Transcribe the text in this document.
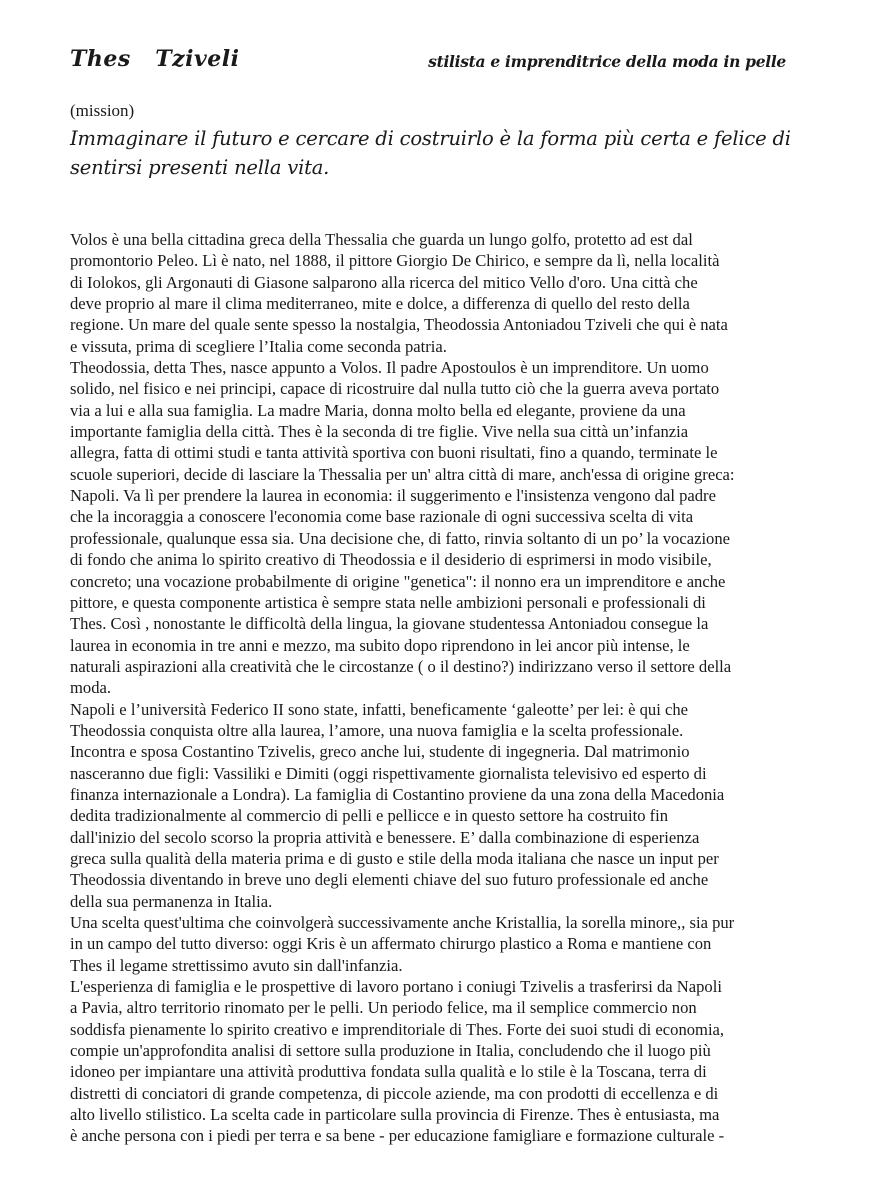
Thes   Tziveli	stilista e imprenditrice della moda in pelle
(mission)
Immaginare il futuro e cercare di costruirlo è la forma più certa e felice di
sentirsi presenti nella vita.
Volos è una bella cittadina greca della Thessalia che guarda un lungo golfo, protetto ad est dal
promontorio Peleo. Lì è nato, nel 1888, il pittore Giorgio De Chirico, e sempre da lì, nella località
di Iolokos, gli Argonauti di Giasone salparono alla ricerca del mitico Vello d'oro. Una città che
deve proprio al mare il clima mediterraneo, mite e dolce, a differenza di quello del resto della
regione. Un mare del quale sente spesso la nostalgia, Theodossia Antoniadou Tziveli che qui è nata
e vissuta, prima di scegliere l’Italia come seconda patria.
Theodossia, detta Thes, nasce appunto a Volos. Il padre Apostoulos è un imprenditore. Un uomo
solido, nel fisico e nei principi, capace di ricostruire dal nulla tutto ciò che la guerra aveva portato
via a lui e alla sua famiglia. La madre Maria, donna molto bella ed elegante, proviene da una
importante famiglia della città. Thes è la seconda di tre figlie. Vive nella sua città un’infanzia
allegra, fatta di ottimi studi e tanta attività sportiva con buoni risultati, fino a quando, terminate le
scuole superiori, decide di lasciare la Thessalia per un' altra città di mare, anch'essa di origine greca:
Napoli. Va lì per prendere la laurea in economia: il suggerimento e l'insistenza vengono dal padre
che la incoraggia a conoscere l'economia come base razionale di ogni successiva scelta di vita
professionale, qualunque essa sia. Una decisione che, di fatto, rinvia soltanto di un po’ la vocazione
di fondo che anima lo spirito creativo di Theodossia e il desiderio di esprimersi in modo visibile,
concreto; una vocazione probabilmente di origine "genetica": il nonno era un imprenditore e anche
pittore, e questa componente artistica è sempre stata nelle ambizioni personali e professionali di
Thes. Così , nonostante le difficoltà della lingua, la giovane studentessa Antoniadou consegue la
laurea in economia in tre anni e mezzo, ma subito dopo riprendono in lei ancor più intense, le
naturali aspirazioni alla creatività che le circostanze ( o il destino?) indirizzano verso il settore della
moda.
Napoli e l’università Federico II sono state, infatti, beneficamente ‘galeotte’ per lei: è qui che
Theodossia conquista oltre alla laurea, l’amore, una nuova famiglia e la scelta professionale.
Incontra e sposa Costantino Tzivelis, greco anche lui, studente di ingegneria. Dal matrimonio
nasceranno due figli: Vassiliki e Dimiti (oggi rispettivamente giornalista televisivo ed esperto di
finanza internazionale a Londra). La famiglia di Costantino proviene da una zona della Macedonia
dedita tradizionalmente al commercio di pelli e pellicce e in questo settore ha costruito fin
dall'inizio del secolo scorso la propria attività e benessere. E’ dalla combinazione di esperienza
greca sulla qualità della materia prima e di gusto e stile della moda italiana che nasce un input per
Theodossia diventando in breve uno degli elementi chiave del suo futuro professionale ed anche
della sua permanenza in Italia.
Una scelta quest'ultima che coinvolgerà successivamente anche Kristallia, la sorella minore,, sia pur
in un campo del tutto diverso: oggi Kris è un affermato chirurgo plastico a Roma e mantiene con
Thes il legame strettissimo avuto sin dall'infanzia.
L'esperienza di famiglia e le prospettive di lavoro portano i coniugi Tzivelis a trasferirsi da Napoli
a Pavia, altro territorio rinomato per le pelli. Un periodo felice, ma il semplice commercio non
soddisfa pienamente lo spirito creativo e imprenditoriale di Thes. Forte dei suoi studi di economia,
compie un'approfondita analisi di settore sulla produzione in Italia, concludendo che il luogo più
idoneo per impiantare una attività produttiva fondata sulla qualità e lo stile è la Toscana, terra di
distretti di conciatori di grande competenza, di piccole aziende, ma con prodotti di eccellenza e di
alto livello stilistico. La scelta cade in particolare sulla provincia di Firenze. Thes è entusiasta, ma
è anche persona con i piedi per terra e sa bene - per educazione famigliare e formazione culturale -
